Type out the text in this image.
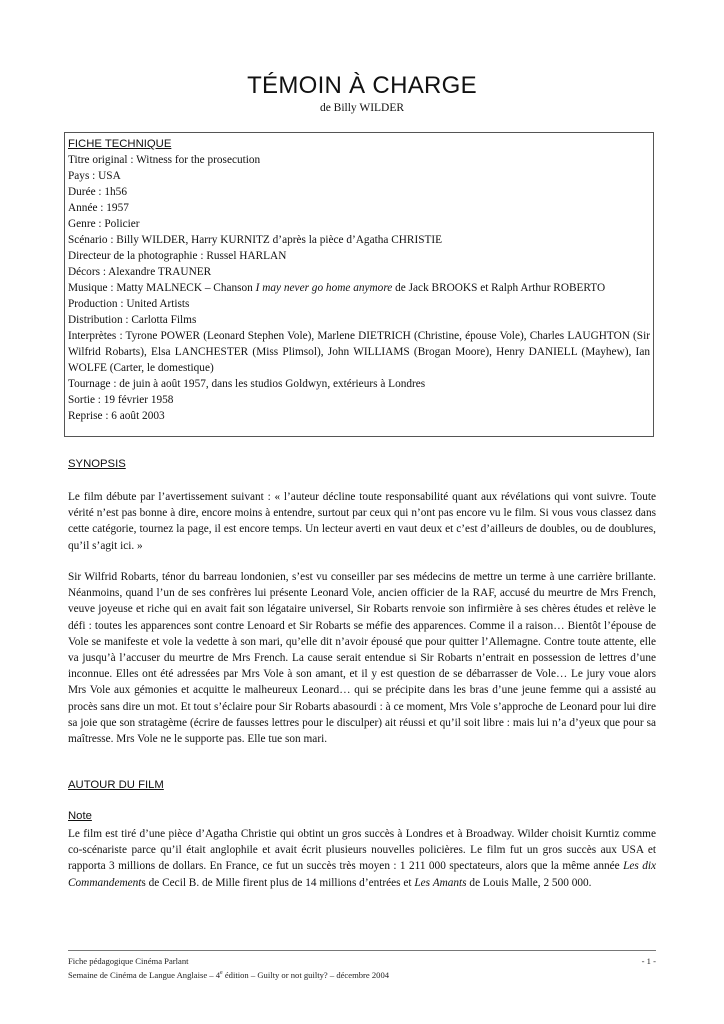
TÉMOIN À CHARGE
de Billy WILDER
FICHE TECHNIQUE
Titre original : Witness for the prosecution
Pays : USA
Durée : 1h56
Année : 1957
Genre : Policier
Scénario : Billy WILDER, Harry KURNITZ d’après la pièce d’Agatha CHRISTIE
Directeur de la photographie : Russel HARLAN
Décors : Alexandre TRAUNER
Musique : Matty MALNECK – Chanson I may never go home anymore de Jack BROOKS et Ralph Arthur ROBERTO
Production : United Artists
Distribution : Carlotta Films
Interprètes : Tyrone POWER (Leonard Stephen Vole), Marlene DIETRICH (Christine, épouse Vole), Charles LAUGHTON (Sir Wilfrid Robarts), Elsa LANCHESTER (Miss Plimsol), John WILLIAMS (Brogan Moore), Henry DANIELL (Mayhew), Ian WOLFE (Carter, le domestique)
Tournage : de juin à août 1957, dans les studios Goldwyn, extérieurs à Londres
Sortie : 19 février 1958
Reprise : 6 août 2003
SYNOPSIS
Le film débute par l’avertissement suivant : « l’auteur décline toute responsabilité quant aux révélations qui vont suivre. Toute vérité n’est pas bonne à dire, encore moins à entendre, surtout par ceux qui n’ont pas encore vu le film. Si vous vous classez dans cette catégorie, tournez la page, il est encore temps. Un lecteur averti en vaut deux et c’est d’ailleurs de doubles, ou de doublures, qu’il s’agit ici. »
Sir Wilfrid Robarts, ténor du barreau londonien, s’est vu conseiller par ses médecins de mettre un terme à une carrière brillante. Néanmoins, quand l’un de ses confrères lui présente Leonard Vole, ancien officier de la RAF, accusé du meurtre de Mrs French, veuve joyeuse et riche qui en avait fait son légataire universel, Sir Robarts renvoie son infirmière à ses chères études et relève le défi : toutes les apparences sont contre Lenoard et Sir Robarts se méfie des apparences. Comme il a raison… Bientôt l’épouse de Vole se manifeste et vole la vedette à son mari, qu’elle dit n’avoir épousé que pour quitter l’Allemagne. Contre toute attente, elle va jusqu’à l’accuser du meurtre de Mrs French. La cause serait entendue si Sir Robarts n’entrait en possession de lettres d’une inconnue. Elles ont été adressées par Mrs Vole à son amant, et il y est question de se débarrasser de Vole… Le jury voue alors Mrs Vole aux gémonies et acquitte le malheureux Leonard… qui se précipite dans les bras d’une jeune femme qui a assisté au procès sans dire un mot. Et tout s’éclaire pour Sir Robarts abasourdi : à ce moment, Mrs Vole s’approche de Leonard pour lui dire sa joie que son stratagème (écrire de fausses lettres pour le disculper) ait réussi et qu’il soit libre : mais lui n’a d’yeux que pour sa maîtresse. Mrs Vole ne le supporte pas. Elle tue son mari.
AUTOUR DU FILM
Note
Le film est tiré d’une pièce d’Agatha Christie qui obtint un gros succès à Londres et à Broadway. Wilder choisit Kurntiz comme co-scénariste parce qu’il était anglophile et avait écrit plusieurs nouvelles policières. Le film fut un gros succès aux USA et rapporta 3 millions de dollars. En France, ce fut un succès très moyen : 1 211 000 spectateurs, alors que la même année Les dix Commandements de Cecil B. de Mille firent plus de 14 millions d’entrées et Les Amants de Louis Malle, 2 500 000.
Fiche pédagogique Cinéma Parlant
Semaine de Cinéma de Langue Anglaise – 4e édition – Guilty or not guilty? – décembre 2004
- 1 -
